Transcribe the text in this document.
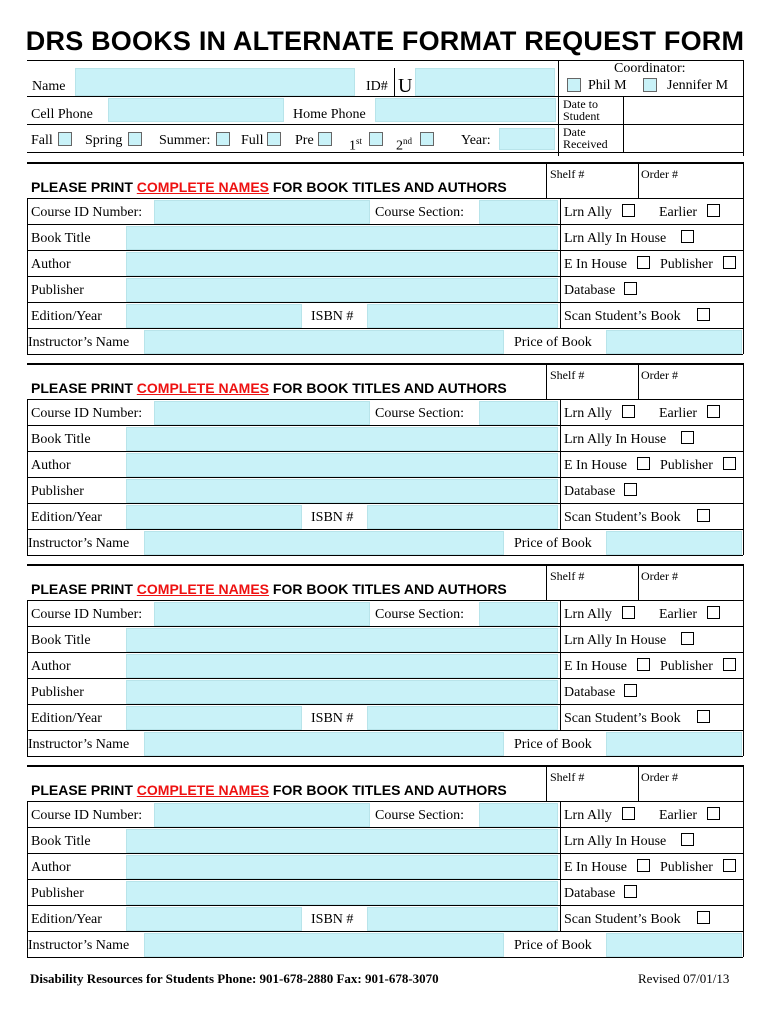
DRS BOOKS IN ALTERNATE FORMAT REQUEST FORM
Name	ID# U
Coordinator:
Phil M	Jennifer M
Cell Phone	Home Phone
Date to Student
Fall Spring	Summer: Full Pre	1st 2nd	Year:
Date Received
PLEASE PRINT COMPLETE NAMES FOR BOOK TITLES AND AUTHORS
Shelf #	Order #
Course ID Number:	Course Section:	Lrn Ally	Earlier
Book Title	Lrn Ally In House
Author	E In House Publisher
Publisher	Database
Edition/Year	ISBN #	Scan Student’s Book
Instructor’s Name	Price of Book
PLEASE PRINT COMPLETE NAMES FOR BOOK TITLES AND AUTHORS
Shelf #	Order #
Course ID Number:	Course Section:	Lrn Ally	Earlier
Book Title	Lrn Ally In House
Author	E In House Publisher
Publisher	Database
Edition/Year	ISBN #	Scan Student’s Book
Instructor’s Name	Price of Book
PLEASE PRINT COMPLETE NAMES FOR BOOK TITLES AND AUTHORS
Shelf #	Order #
Course ID Number:	Course Section:	Lrn Ally	Earlier
Book Title	Lrn Ally In House
Author	E In House Publisher
Publisher	Database
Edition/Year	ISBN #	Scan Student’s Book
Instructor’s Name	Price of Book
PLEASE PRINT COMPLETE NAMES FOR BOOK TITLES AND AUTHORS
Shelf #	Order #
Course ID Number:	Course Section:	Lrn Ally	Earlier
Book Title	Lrn Ally In House
Author	E In House Publisher
Publisher	Database
Edition/Year	ISBN #	Scan Student’s Book
Instructor’s Name	Price of Book
Disability Resources for Students Phone: 901-678-2880 Fax: 901-678-3070	Revised 07/01/13
